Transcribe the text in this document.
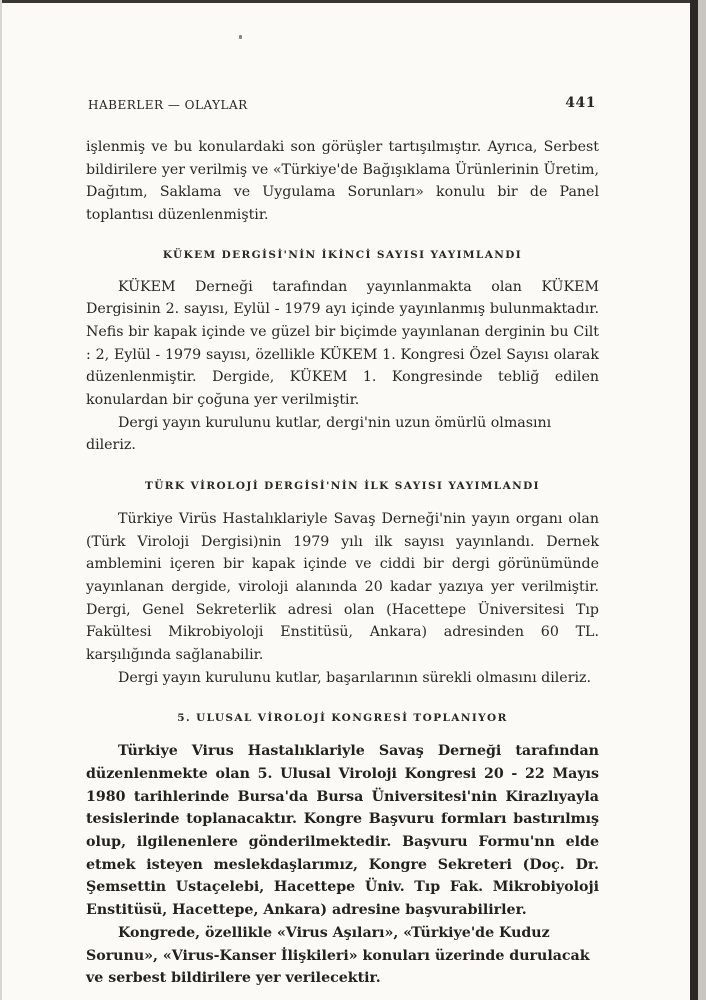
HABERLER — OLAYLAR	441

işlenmiş ve bu konulardaki son görüşler tartışılmıştır. Ayrıca, Serbest bildirilere yer verilmiş ve «Türkiye'de Bağışıklama Ürünlerinin Üretim, Dağıtım, Saklama ve Uygulama Sorunları» konulu bir de Panel toplantısı düzenlenmiştir.

KÜKEM DERGİSİ'NİN İKİNCİ SAYISI YAYIMLANDI

KÜKEM Derneği tarafından yayınlanmakta olan KÜKEM Dergisinin 2. sayısı, Eylül - 1979 ayı içinde yayınlanmış bulunmaktadır. Nefis bir kapak içinde ve güzel bir biçimde yayınlanan derginin bu Cilt : 2, Eylül - 1979 sayısı, özellikle KÜKEM 1. Kongresi Özel Sayısı olarak düzenlenmiştir. Dergide, KÜKEM 1. Kongresinde tebliğ edilen konulardan bir çoğuna yer verilmiştir.

Dergi yayın kurulunu kutlar, dergi'nin uzun ömürlü olmasını dileriz.

TÜRK VİROLOJİ DERGİSİ'NİN İLK SAYISI YAYIMLANDI

Türkiye Virüs Hastalıklariyle Savaş Derneği'nin yayın organı olan (Türk Viroloji Dergisi)nin 1979 yılı ilk sayısı yayınlandı. Dernek amblemini içeren bir kapak içinde ve ciddi bir dergi görünümünde yayınlanan dergide, viroloji alanında 20 kadar yazıya yer verilmiştir. Dergi, Genel Sekreterlik adresi olan (Hacettepe Üniversitesi Tıp Fakültesi Mikrobiyoloji Enstitüsü, Ankara) adresinden 60 TL. karşılığında sağlanabilir.

Dergi yayın kurulunu kutlar, başarılarının sürekli olmasını dileriz.

5. ULUSAL VİROLOJİ KONGRESİ TOPLANIYOR

Türkiye Virus Hastalıklariyle Savaş Derneği tarafından düzenlenmekte olan 5. Ulusal Viroloji Kongresi 20 - 22 Mayıs 1980 tarihlerinde Bursa'da Bursa Üniversitesi'nin Kirazlıyayla tesislerinde toplanacaktır. Kongre Başvuru formları bastırılmış olup, ilgilenenlere gönderilmektedir. Başvuru Formu'nn elde etmek isteyen meslekdaşlarımız, Kongre Sekreteri (Doç. Dr. Şemsettin Ustaçelebi, Hacettepe Üniv. Tıp Fak. Mikrobiyoloji Enstitüsü, Hacettepe, Ankara) adresine başvurabilirler.

Kongrede, özellikle «Virus Aşıları», «Türkiye'de Kuduz Sorunu», «Virus-Kanser İlişkileri» konuları üzerinde durulacak ve serbest bildirilere yer verilecektir.
